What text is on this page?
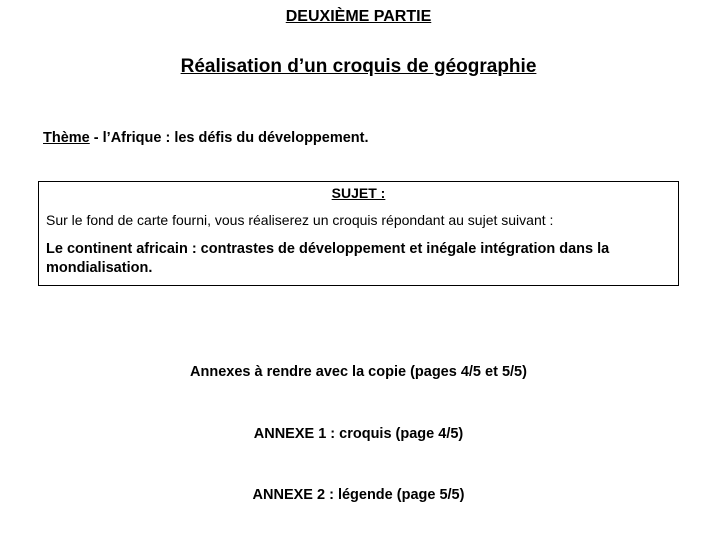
DEUXIÈME PARTIE

Réalisation d’un croquis de géographie

Thème - l’Afrique : les défis du développement.

SUJET :

Sur le fond de carte fourni, vous réaliserez un croquis répondant au sujet suivant :

Le continent africain : contrastes de développement et inégale intégration dans la mondialisation.

Annexes à rendre avec la copie (pages 4/5 et 5/5)

ANNEXE 1 : croquis (page 4/5)

ANNEXE 2 : légende (page 5/5)
